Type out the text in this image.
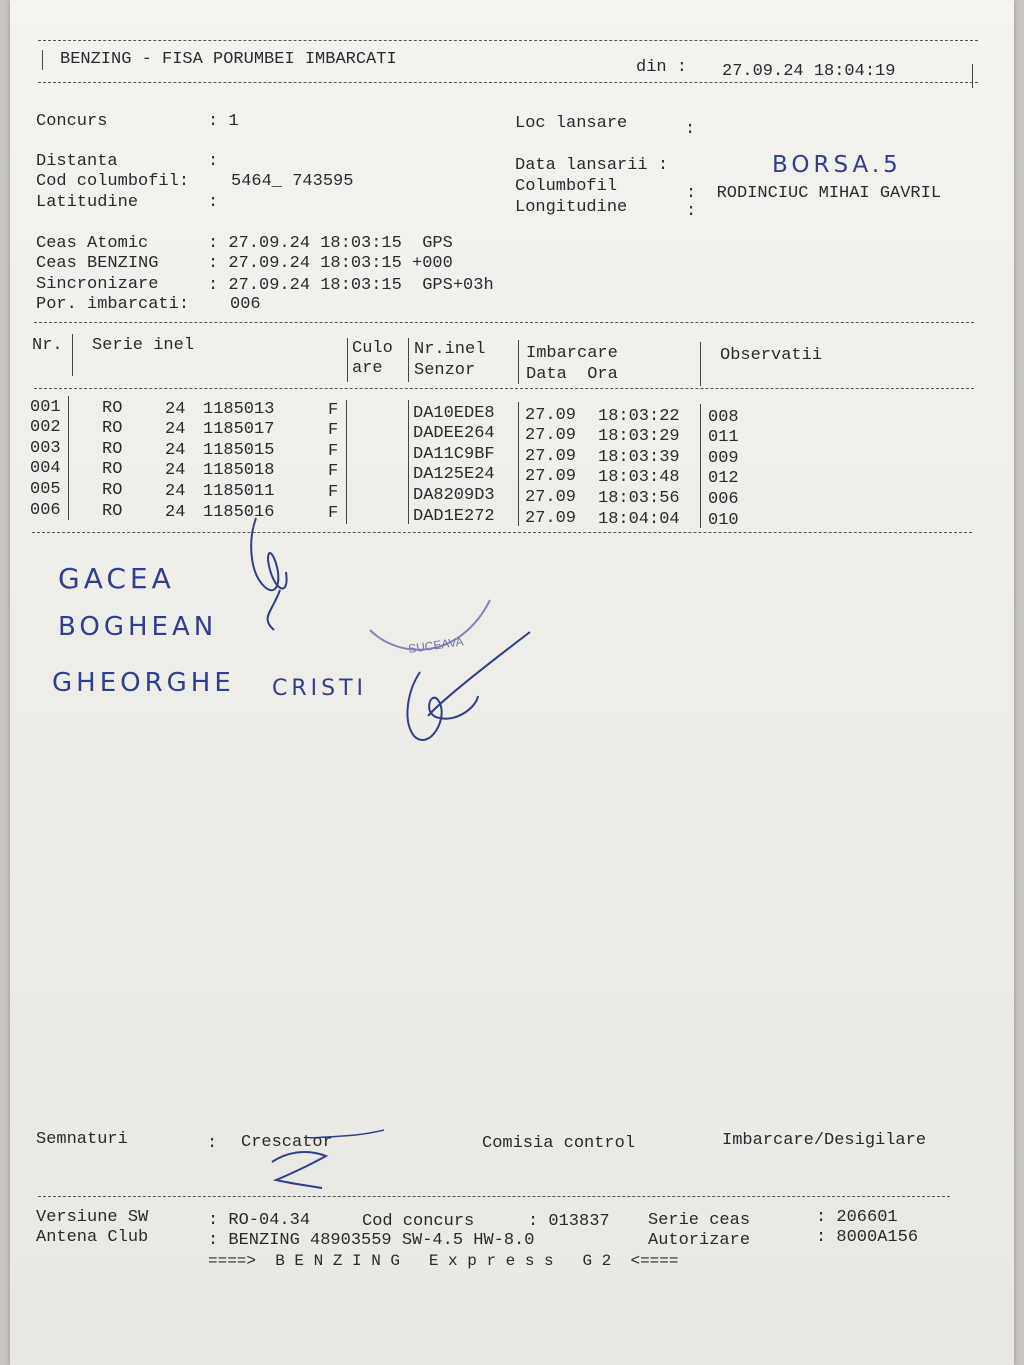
BENZING - FISA PORUMBEI IMBARCATI	din : 27.09.24 18:04:19
Concurs	: 1	Loc lansare	:
Distanta	:
Cod columbofil: 5464_ 743595
Latitudine	:
Data lansarii :	BORSA.5
Columbofil	:  RODINCIUC MIHAI GAVRIL
Longitudine	:
Ceas Atomic	: 27.09.24 18:03:15  GPS
Ceas BENZING	: 27.09.24 18:03:15 +000
Sincronizare	: 27.09.24 18:03:15  GPS+03h
Por. imbarcati: 006
Nr. Serie inel	Culo
are
Nr.inel
Senzor
Imbarcare
Data  Ora
Observatii
001 RO	24 1185013	F	DA10EDE8 27.09 18:03:22 008
002 RO	24 1185017	F	DADEE264 27.09 18:03:29 011
003 RO	24 1185015	F	DA11C9BF 27.09 18:03:39 009
004 RO	24 1185018	F	DA125E24 27.09 18:03:48 012
005 RO	24 1185011	F	DA8209D3 27.09 18:03:56 006
006 RO	24 1185016	F	DAD1E272 27.09 18:04:04 010
GACEA
BOGHEAN
GHEORGHE CRISTI
SUCEAVA
Semnaturi	: Crescator	Comisia control	Imbarcare/Desigilare
Versiune SW	: RO-04.34	Cod concurs	: 013837 Serie ceas	: 206601
Antena Club	: BENZING 48903559 SW-4.5 HW-8.0	Autorizare	: 8000A156
====>  B E N Z I N G   E x p r e s s   G 2  <====
